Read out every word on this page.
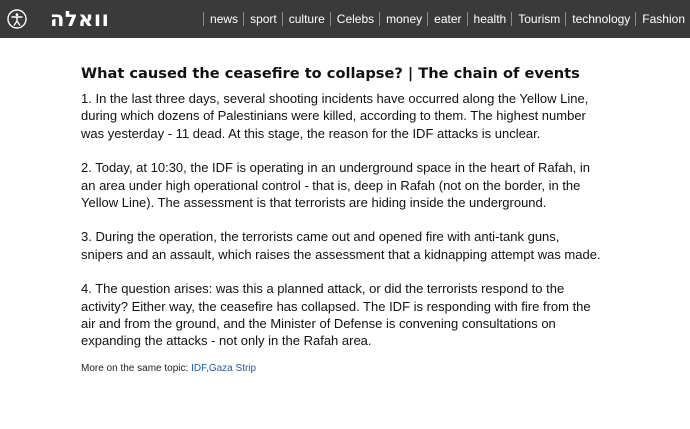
וואלה	news	sport	culture	Celebs	money	eater	health	Tourism	technology	Fashion
What caused the ceasefire to collapse? | The chain of events

1. In the last three days, several shooting incidents have occurred along the Yellow Line, during which dozens of Palestinians were killed, according to them. The highest number was yesterday - 11 dead. At this stage, the reason for the IDF attacks is unclear.

2. Today, at 10:30, the IDF is operating in an underground space in the heart of Rafah, in an area under high operational control - that is, deep in Rafah (not on the border, in the Yellow Line). The assessment is that terrorists are hiding inside the underground.

3. During the operation, the terrorists came out and opened fire with anti-tank guns, snipers and an assault, which raises the assessment that a kidnapping attempt was made.

4. The question arises: was this a planned attack, or did the terrorists respond to the activity? Either way, the ceasefire has collapsed. The IDF is responding with fire from the air and from the ground, and the Minister of Defense is convening consultations on expanding the attacks - not only in the Rafah area.

More on the same topic: IDF,Gaza Strip
